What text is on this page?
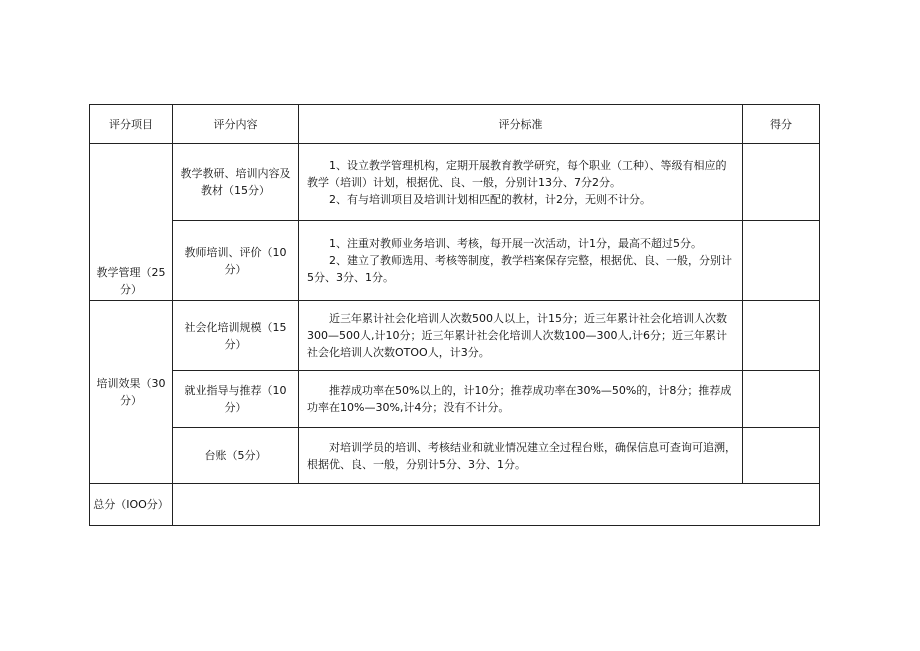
评分项目	评分内容	评分标准	得分
教学管理（25分）	教学教研、培训内容及教材（15分）	1、设立教学管理机构，定期开展教育教学研究，每个职业（工种）、等级有相应的教学（培训）计划，根据优、良、一般，分别计13分、7分2分。

2、有与培训项目及培训计划相匹配的教材，计2分，无则不计分。	

	教师培训、评价（10分）	1、注重对教师业务培训、考核，每开展一次活动，计1分，最高不超过5分。

2、建立了教师选用、考核等制度，教学档案保存完整，根据优、良、一般，分别计5分、3分、1分。	

培训效果（30分）	社会化培训规模（15分）	近三年累计社会化培训人次数500人以上，计15分；近三年累计社会化培训人次数300—500人,计10分；近三年累计社会化培训人次数100—300人,计6分；近三年累计社会化培训人次数OTOO人，计3分。	

	就业指导与推荐（10分）	推荐成功率在50%以上的，计10分；推荐成功率在30%—50%的，计8分；推荐成功率在10%—30%,计4分；没有不计分。	

	台账（5分）	对培训学员的培训、考核结业和就业情况建立全过程台账，确保信息可查询可追溯，根据优、良、一般，分别计5分、3分、1分。	

总分（IOO分）			
